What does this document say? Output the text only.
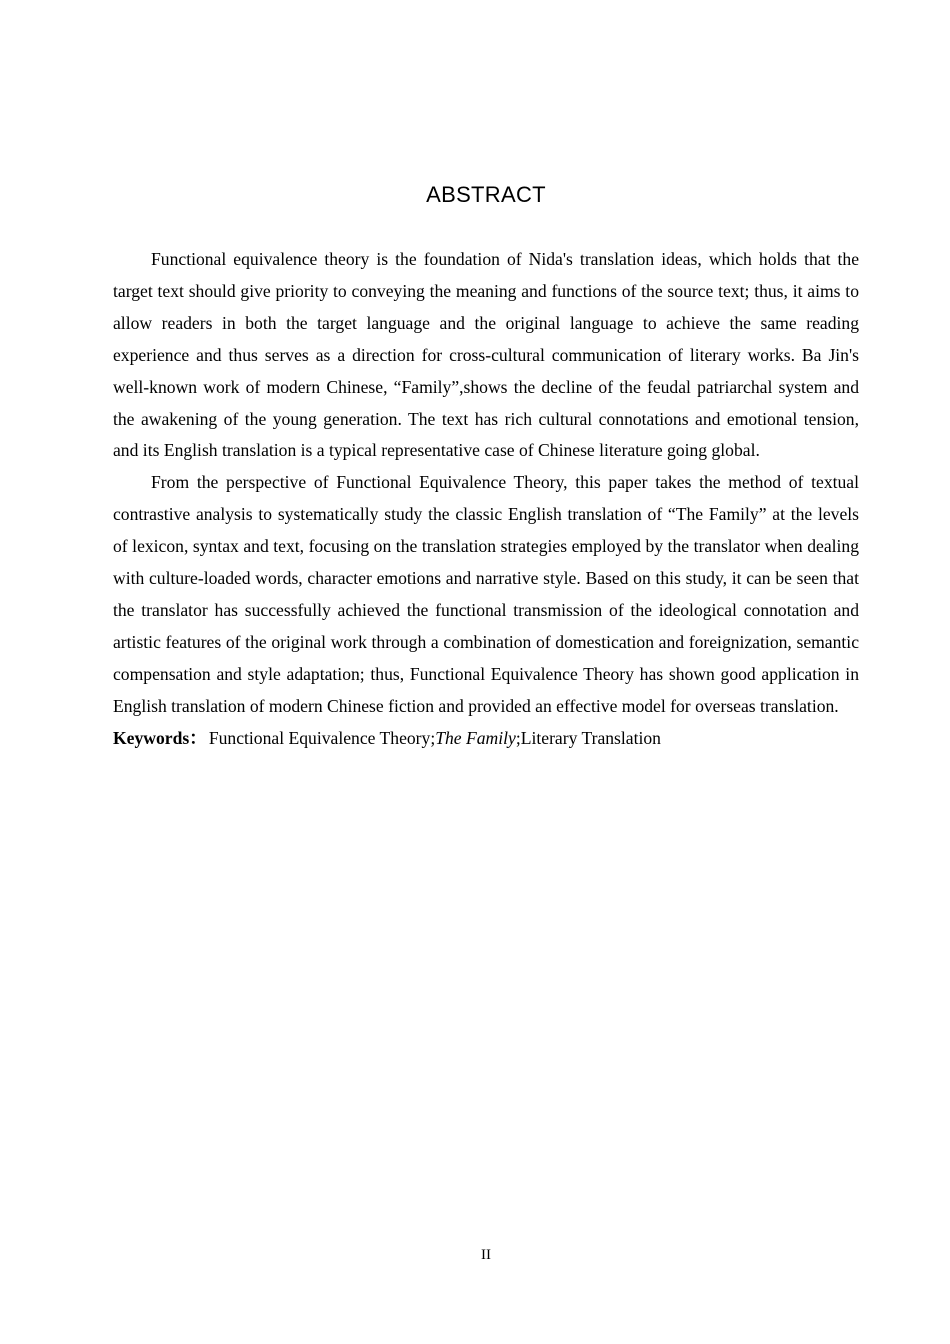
ABSTRACT

Functional equivalence theory is the foundation of Nida's translation ideas, which holds that the target text should give priority to conveying the meaning and functions of the source text; thus, it aims to allow readers in both the target language and the original language to achieve the same reading experience and thus serves as a direction for cross-cultural communication of literary works. Ba Jin's well-known work of modern Chinese, “Family”,shows the decline of the feudal patriarchal system and the awakening of the young generation. The text has rich cultural connotations and emotional tension, and its English translation is a typical representative case of Chinese literature going global.

From the perspective of Functional Equivalence Theory, this paper takes the method of textual contrastive analysis to systematically study the classic English translation of “The Family” at the levels of lexicon, syntax and text, focusing on the translation strategies employed by the translator when dealing with culture-loaded words, character emotions and narrative style. Based on this study, it can be seen that the translator has successfully achieved the functional transmission of the ideological connotation and artistic features of the original work through a combination of domestication and foreignization, semantic compensation and style adaptation; thus, Functional Equivalence Theory has shown good application in English translation of modern Chinese fiction and provided an effective model for overseas translation.

Keywords： Functional Equivalence Theory;The Family;Literary Translation

II
